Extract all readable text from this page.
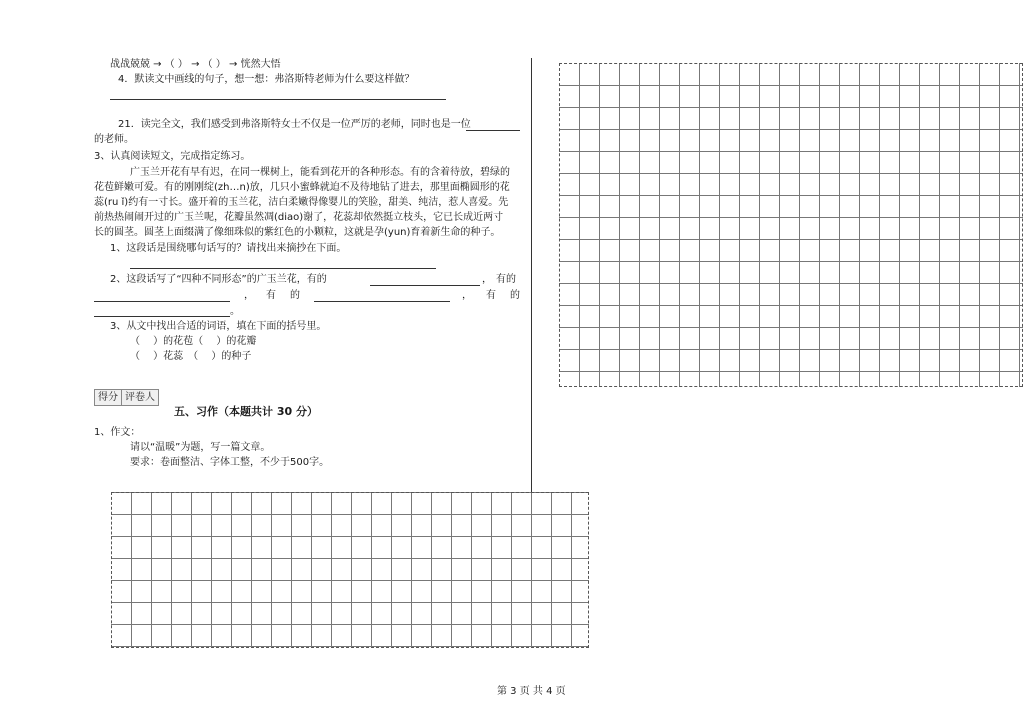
战战兢兢 → （ ） → （ ） → 恍然大悟
4．默读文中画线的句子，想一想：弗洛斯特老师为什么要这样做？
21．读完全文，我们感受到弗洛斯特女士不仅是一位严厉的老师，同时也是一位
的老师。
3、认真阅读短文，完成指定练习。
广玉兰开花有早有迟，在同一棵树上，能看到花开的各种形态。有的含着待放，碧绿的
花苞鲜嫩可爱。有的刚刚绽(zh…n)放，几只小蜜蜂就迫不及待地钻了进去，那里面椭圆形的花
蕊(ru ǐ)约有一寸长。盛开着的玉兰花，洁白柔嫩得像婴儿的笑脸，甜美、纯洁，惹人喜爱。先
前热热闹闹开过的广玉兰呢，花瓣虽然凋(diao)谢了，花蕊却依然挺立枝头，它已长成近两寸
长的圆茎。圆茎上面缀满了像细珠似的紫红色的小颗粒，这就是孕(yun)育着新生命的种子。
1、这段话是围绕哪句话写的？请找出来摘抄在下面。
2、这段话写了“四种不同形态”的广玉兰花，有的	， 有的
， 有 的	， 有 的
。
3、从文中找出合适的词语，填在下面的括号里。
（　 ）的花苞（　 ）的花瓣
（　 ）花蕊　（　 ）的种子
得分 评卷人
五、习作（本题共计 30 分）
1、作文：
请以“温暖”为题，写一篇文章。
要求：卷面整洁、字体工整，不少于500字。
第 3 页 共 4 页
